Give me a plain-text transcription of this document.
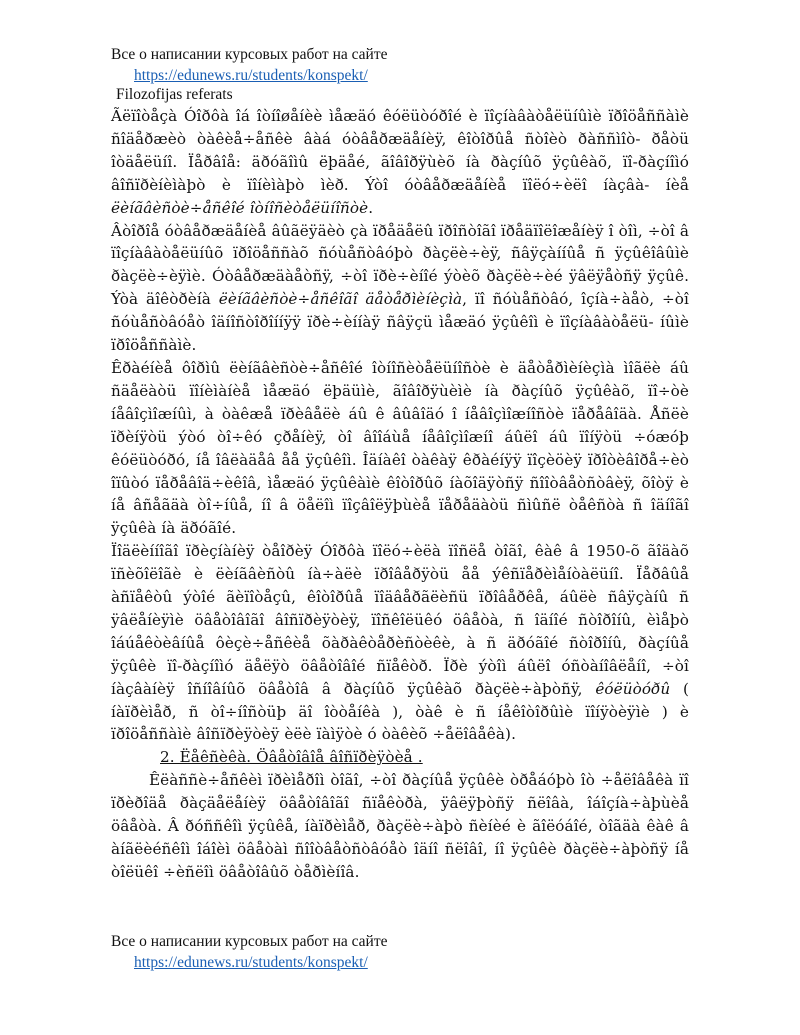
Все о написании курсовых работ на сайте
https://edunews.ru/students/konspekt/
Filozofijas referats

Ãëïîòåçà Óîðôà îá îòíîøåíèè ìåæäó êóëüòóðîé è ïîçíàâàòåëüíûìè ïðîöåññàìè ñîäåðæèò òàêèå÷åñêè âàá óòâåðæäåíèÿ, êîòîðûå ñòîèò ðàññìîò- ðåòü îòäåëüíî. Ïåðâîå: äðóãîìû ëþäåé, ãîâîðÿùèõ íà ðàçíûõ ÿçûêàõ, ïî-ðàçíîìó âîñïðèíèìàþò è ïîíèìàþò ìèð. Ýòî óòâåðæäåíèå ïîëó÷èëî íàçâà- íèå ëèíãâèñòè÷åñêîé îòíîñèòåëüíîñòè.

Âòîðîå óòâåðæäåíèå âûãëÿäèò çà ïðåäåëû ïðîñòîãî ïðåäïîëîæåíèÿ î òîì, ÷òî â ïîçíàâàòåëüíûõ ïðîöåññàõ ñóùåñòâóþò ðàçëè÷èÿ, ñâÿçàííûå ñ ÿçûêîâûìè ðàçëè÷èÿìè. Óòâåðæäàåòñÿ, ÷òî ïðè÷èíîé ýòèõ ðàçëè÷èé ÿâëÿåòñÿ ÿçûê. Ýòà äîêòðèíà ëèíãâèñòè÷åñêîãî äåòåðìèíèçìà, ïî ñóùåñòâó, îçíà÷àåò, ÷òî ñóùåñòâóåò îäíîñòîðîííÿÿ ïðè÷èííàÿ ñâÿçü ìåæäó ÿçûêîì è ïîçíàâàòåëü- íûìè ïðîöåññàìè.

Êðàéíèå ôîðìû ëèíãâèñòè÷åñêîé îòíîñèòåëüíîñòè è äåòåðìèíèçìà ìîãëè áû ñäåëàòü ïîíèìàíèå ìåæäó ëþäüìè, ãîâîðÿùèìè íà ðàçíûõ ÿçûêàõ, ïî÷òè íåâîçìîæíûì, à òàêæå ïðèâåëè áû ê âûâîäó î íåâîçìîæíîñòè ïåðåâîäà. Åñëè ïðèíÿòü ýòó òî÷êó çðåíèÿ, òî âîîáùå íåâîçìîæíî áûëî áû ïîíÿòü ÷óæóþ êóëüòóðó, íå îâëàäåâ åå ÿçûêîì. Îäíàêî òàêàÿ êðàéíÿÿ ïîçèöèÿ ïðîòèâîðå÷èò îïûòó ïåðåâîä÷èêîâ, ìåæäó ÿçûêàìè êîòîðûõ íàõîäÿòñÿ ñîîòâåòñòâèÿ, õîòÿ è íå âñåãäà òî÷íûå, íî â öåëîì ïîçâîëÿþùèå ïåðåäàòü ñìûñë òåêñòà ñ îäíîãî ÿçûêà íà äðóãîé.

Ïîäëèííîãî ïðèçíàíèÿ òåîðèÿ Óîðôà ïîëó÷èëà ïîñëå òîãî, êàê â 1950-õ ãîäàõ ïñèõîëîãè è ëèíãâèñòû íà÷àëè ïðîâåðÿòü åå ýêñïåðèìåíòàëüíî. Ïåðâûå àñïåêòû ýòîé ãèïîòåçû, êîòîðûå ïîäâåðãëèñü ïðîâåðêå, áûëè ñâÿçàíû ñ ÿâëåíèÿìè öâåòîâîãî âîñïðèÿòèÿ, ïîñêîëüêó öâåòà, ñ îäíîé ñòîðîíû, èìåþò îáúåêòèâíûå ôèçè÷åñêèå õàðàêòåðèñòèêè, à ñ äðóãîé ñòîðîíû, ðàçíûå ÿçûêè ïî-ðàçíîìó äåëÿò öâåòîâîé ñïåêòð. Ïðè ýòîì áûëî óñòàíîâëåíî, ÷òî íàçâàíèÿ îñíîâíûõ öâåòîâ â ðàçíûõ ÿçûêàõ ðàçëè÷àþòñÿ, êóëüòóðû ( íàïðèìåð, ñ òî÷íîñòüþ äî îòòåíêà ), òàê è ñ íåêîòîðûìè ïîíÿòèÿìè ) è ïðîöåññàìè âîñïðèÿòèÿ èëè ïàìÿòè ó òàêèõ ÷åëîâåêà).

2. Ëåêñèêà. Öâåòîâîå âîñïðèÿòèå .

Êëàññè÷åñêèì ïðèìåðîì òîãî, ÷òî ðàçíûå ÿçûêè òðåáóþò îò ÷åëîâåêà ïî ïðèðîäå ðàçäåëåíèÿ öâåòîâîãî ñïåêòðà, ÿâëÿþòñÿ ñëîâà, îáîçíà÷àþùèå öâåòà. Â ðóññêîì ÿçûêå, íàïðèìåð, ðàçëè÷àþò ñèíèé è ãîëóáîé, òîãäà êàê â àíãëèéñêîì îáîèì öâåòàì ñîîòâåòñòâóåò îäíî ñëîâî, íî ÿçûêè ðàçëè÷àþòñÿ íå òîëüêî ÷èñëîì öâåòîâûõ òåðìèíîâ.

Все о написании курсовых работ на сайте
https://edunews.ru/students/konspekt/
